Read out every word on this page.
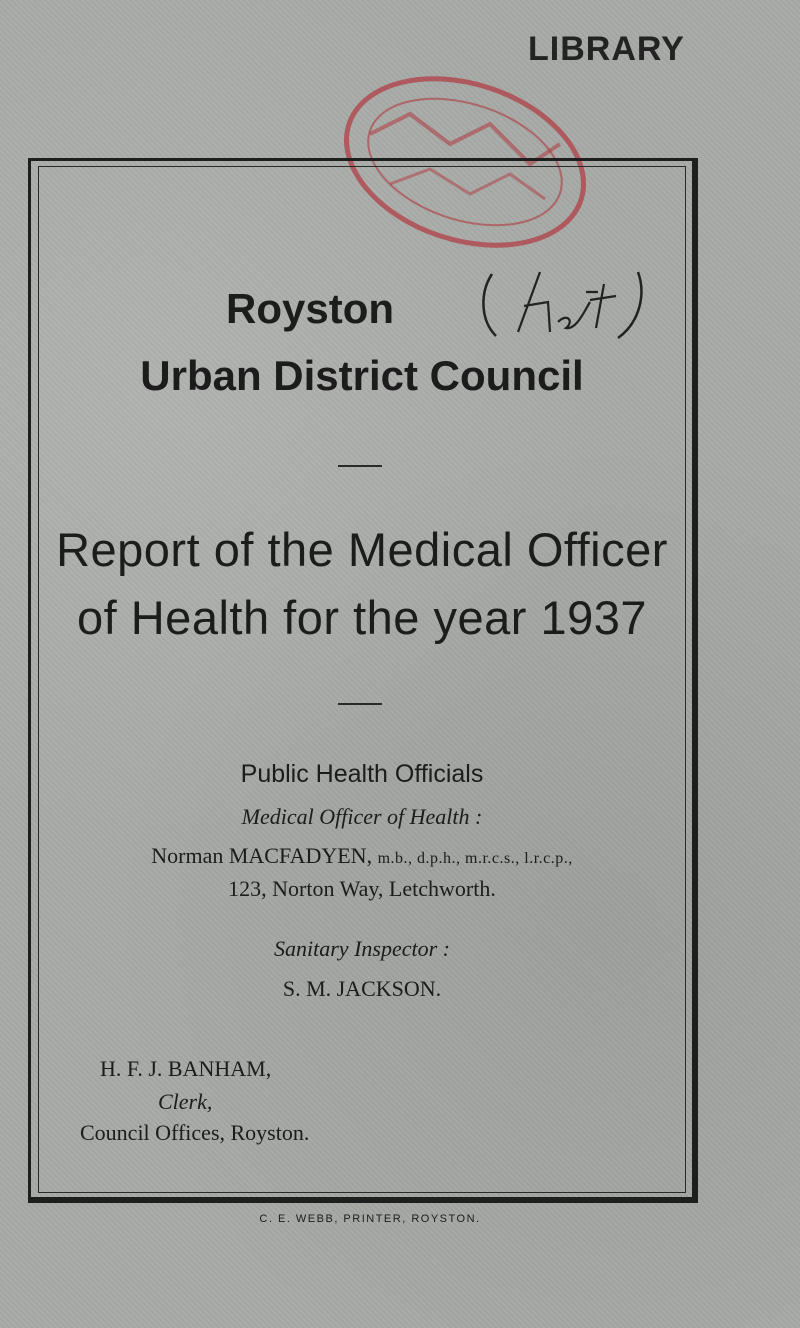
LIBRARY
Royston
Herts
Urban District Council
Report of the Medical Officer
of Health for the year 1937
Public Health Officials
Medical Officer of Health :
Norman MACFADYEN, m.b., d.p.h., m.r.c.s., l.r.c.p.,
123, Norton Way, Letchworth.
Sanitary Inspector :
S. M. JACKSON.
H. F. J. BANHAM,
Clerk,
Council Offices, Royston.
C. E. WEBB, PRINTER, ROYSTON.
